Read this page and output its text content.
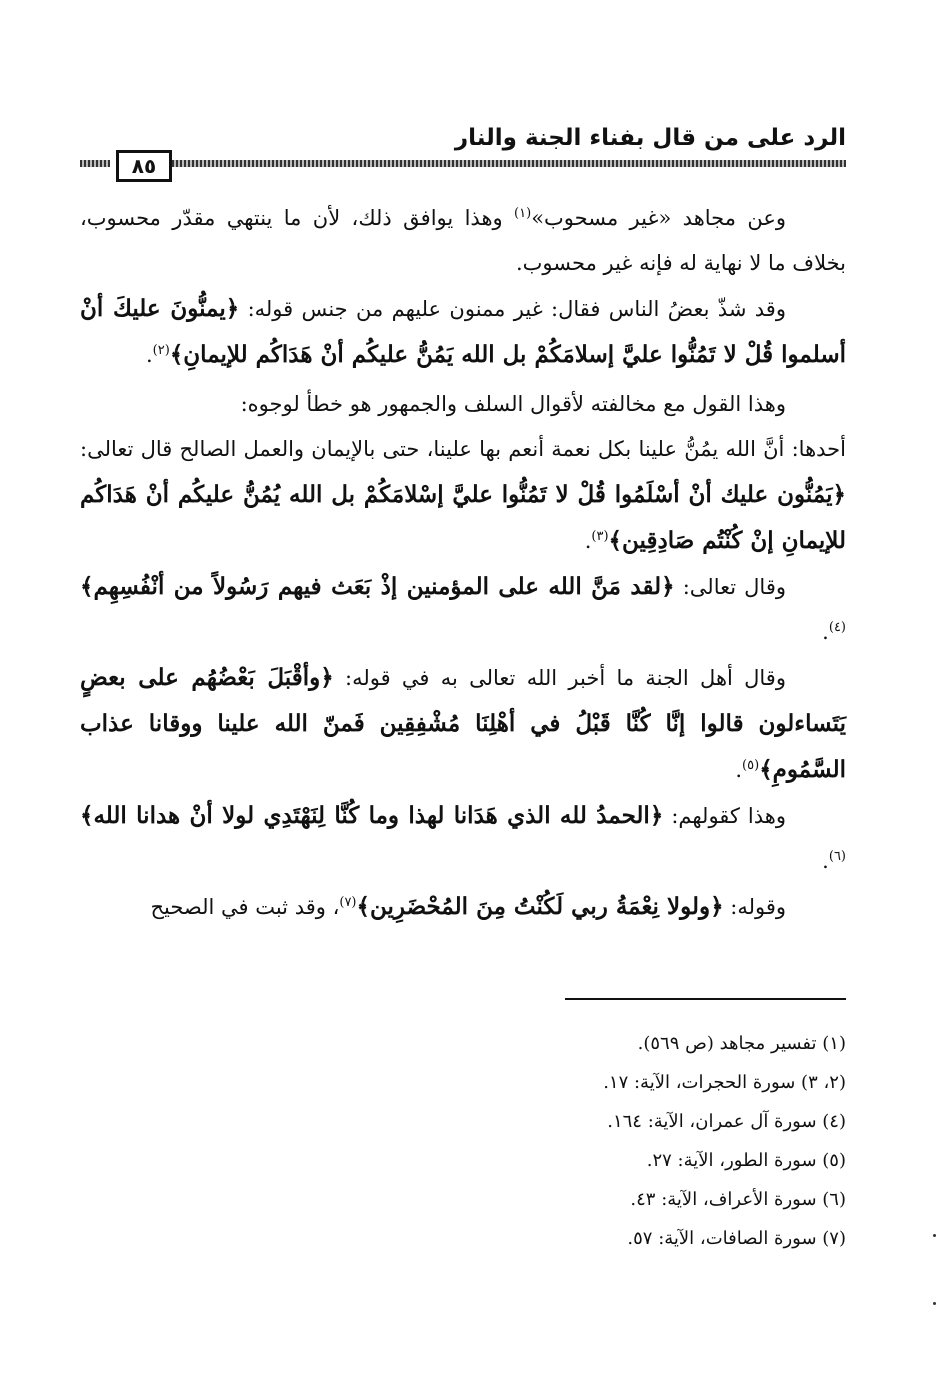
الرد على من قال بفناء الجنة والنار
٨٥

وعن مجاهد «غير مسحوب»$^{(١)}$ وهذا يوافق ذلك، لأن ما ينتهي مقدّر محسوب، بخلاف ما لا نهاية له فإنه غير محسوب.

وقد شذّ بعضُ الناس فقال: غير ممنون عليهم من جنس قوله: ﴿يمنُّونَ عليكَ أنْ أسلموا قُلْ لا تَمُنُّوا عليَّ إسلامَكُمْ بل الله يَمُنُّ عليكُم أنْ هَدَاكُم للإيمانِ﴾$^{(٢)}$.

وهذا القول مع مخالفته لأقوال السلف والجمهور هو خطأ لوجوه:

أحدها: أنَّ الله يمُنُّ علينا بكل نعمة أنعم بها علينا، حتى بالإيمان والعمل الصالح قال تعالى: ﴿يَمُنُّون عليك أنْ أسْلَمُوا قُلْ لا تَمُنُّوا عليَّ إسْلامَكُمْ بل الله يُمُنُّ عليكُم أنْ هَدَاكُم للإيمانِ إنْ كُنْتُم صَادِقِين﴾$^{(٣)}$.

وقال تعالى: ﴿لقد مَنَّ الله على المؤمنين إذْ بَعَث فيهم رَسُولاً من أنْفُسِهِم﴾$^{(٤)}$.

وقال أهل الجنة ما أخبر الله تعالى به في قوله: ﴿وأقْبَلَ بَعْضُهُم على بعضٍ يَتَساءلون قالوا إنَّا كُنَّا قَبْلُ في أهْلِنَا مُشْفِقِين فَمنّ الله علينا ووقانا عذاب السَّمُومِ﴾$^{(٥)}$.

وهذا كقولهم: ﴿الحمدُ لله الذي هَدَانا لهذا وما كُنَّا لِنَهْتَدِي لولا أنْ هدانا الله﴾$^{(٦)}$.

وقوله: ﴿ولولا نِعْمَةُ ربي لَكُنْتُ مِنَ المُحْضَرِين﴾$^{(٧)}$، وقد ثبت في الصحيح

(١) تفسير مجاهد (ص ٥٦٩).
(٢، ٣) سورة الحجرات، الآية: ١٧.
(٤) سورة آل عمران، الآية: ١٦٤.
(٥) سورة الطور، الآية: ٢٧.
(٦) سورة الأعراف، الآية: ٤٣.
(٧) سورة الصافات، الآية: ٥٧.
